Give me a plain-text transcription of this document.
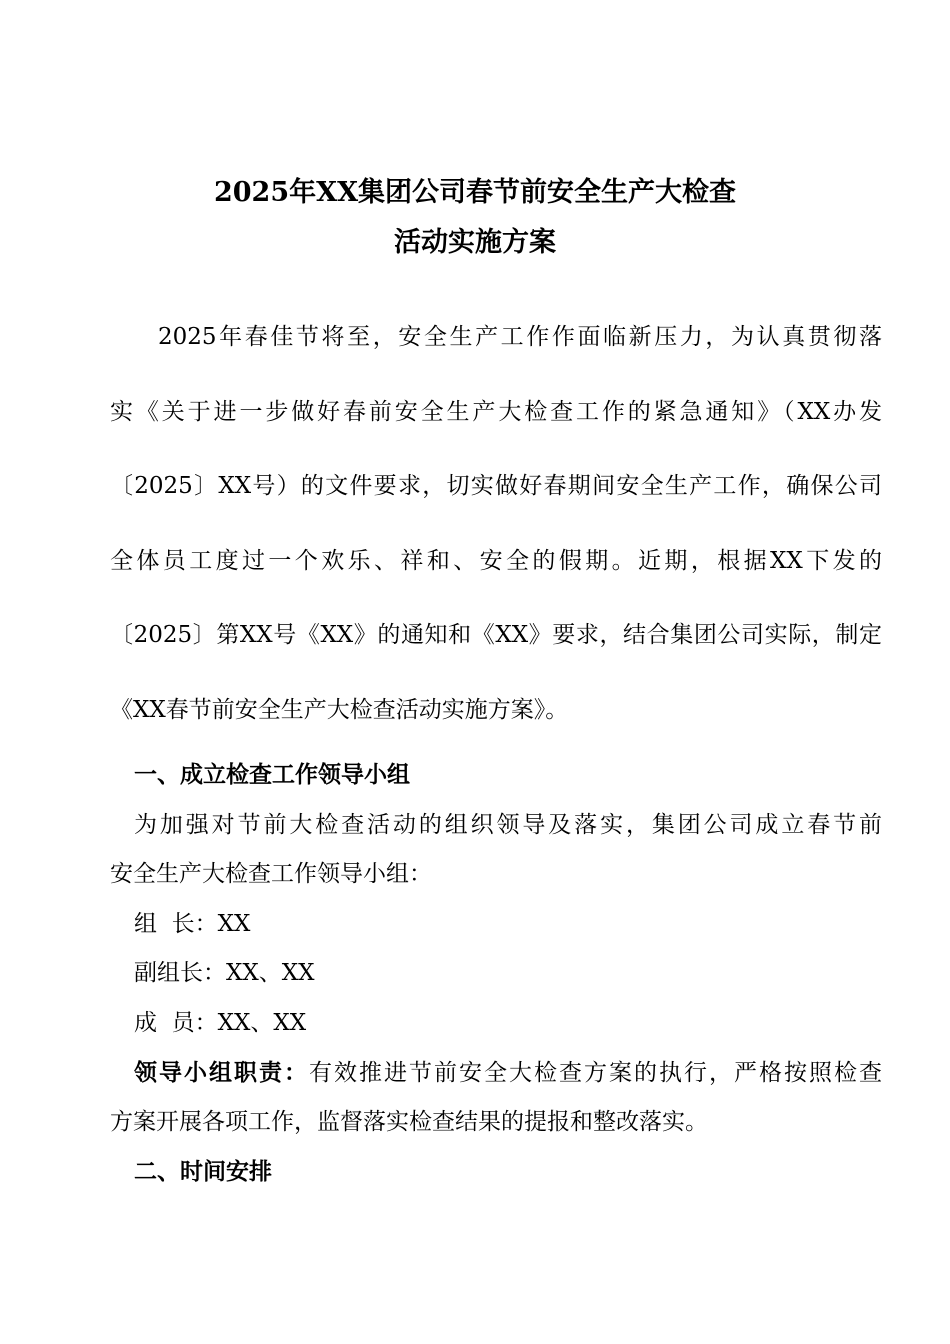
2025年XX集团公司春节前安全生产大检查
活动实施方案
2025年春佳节将至，安全生产工作作面临新压力，为认真贯彻落
实《关于进一步做好春前安全生产大检查工作的紧急通知》（XX办发
〔2025〕XX号）的文件要求，切实做好春期间安全生产工作，确保公司
全体员工度过一个欢乐、祥和、安全的假期。近期，根据XX下发的
〔2025〕第XX号《XX》的通知和《XX》要求，结合集团公司实际，制定
《XX春节前安全生产大检查活动实施方案》。
一、成立检查工作领导小组
为加强对节前大检查活动的组织领导及落实，集团公司成立春节前
安全生产大检查工作领导小组：
组  长：XX
副组长：XX、XX
成  员：XX、XX
领导小组职责：有效推进节前安全大检查方案的执行，严格按照检查
方案开展各项工作，监督落实检查结果的提报和整改落实。
二、时间安排
